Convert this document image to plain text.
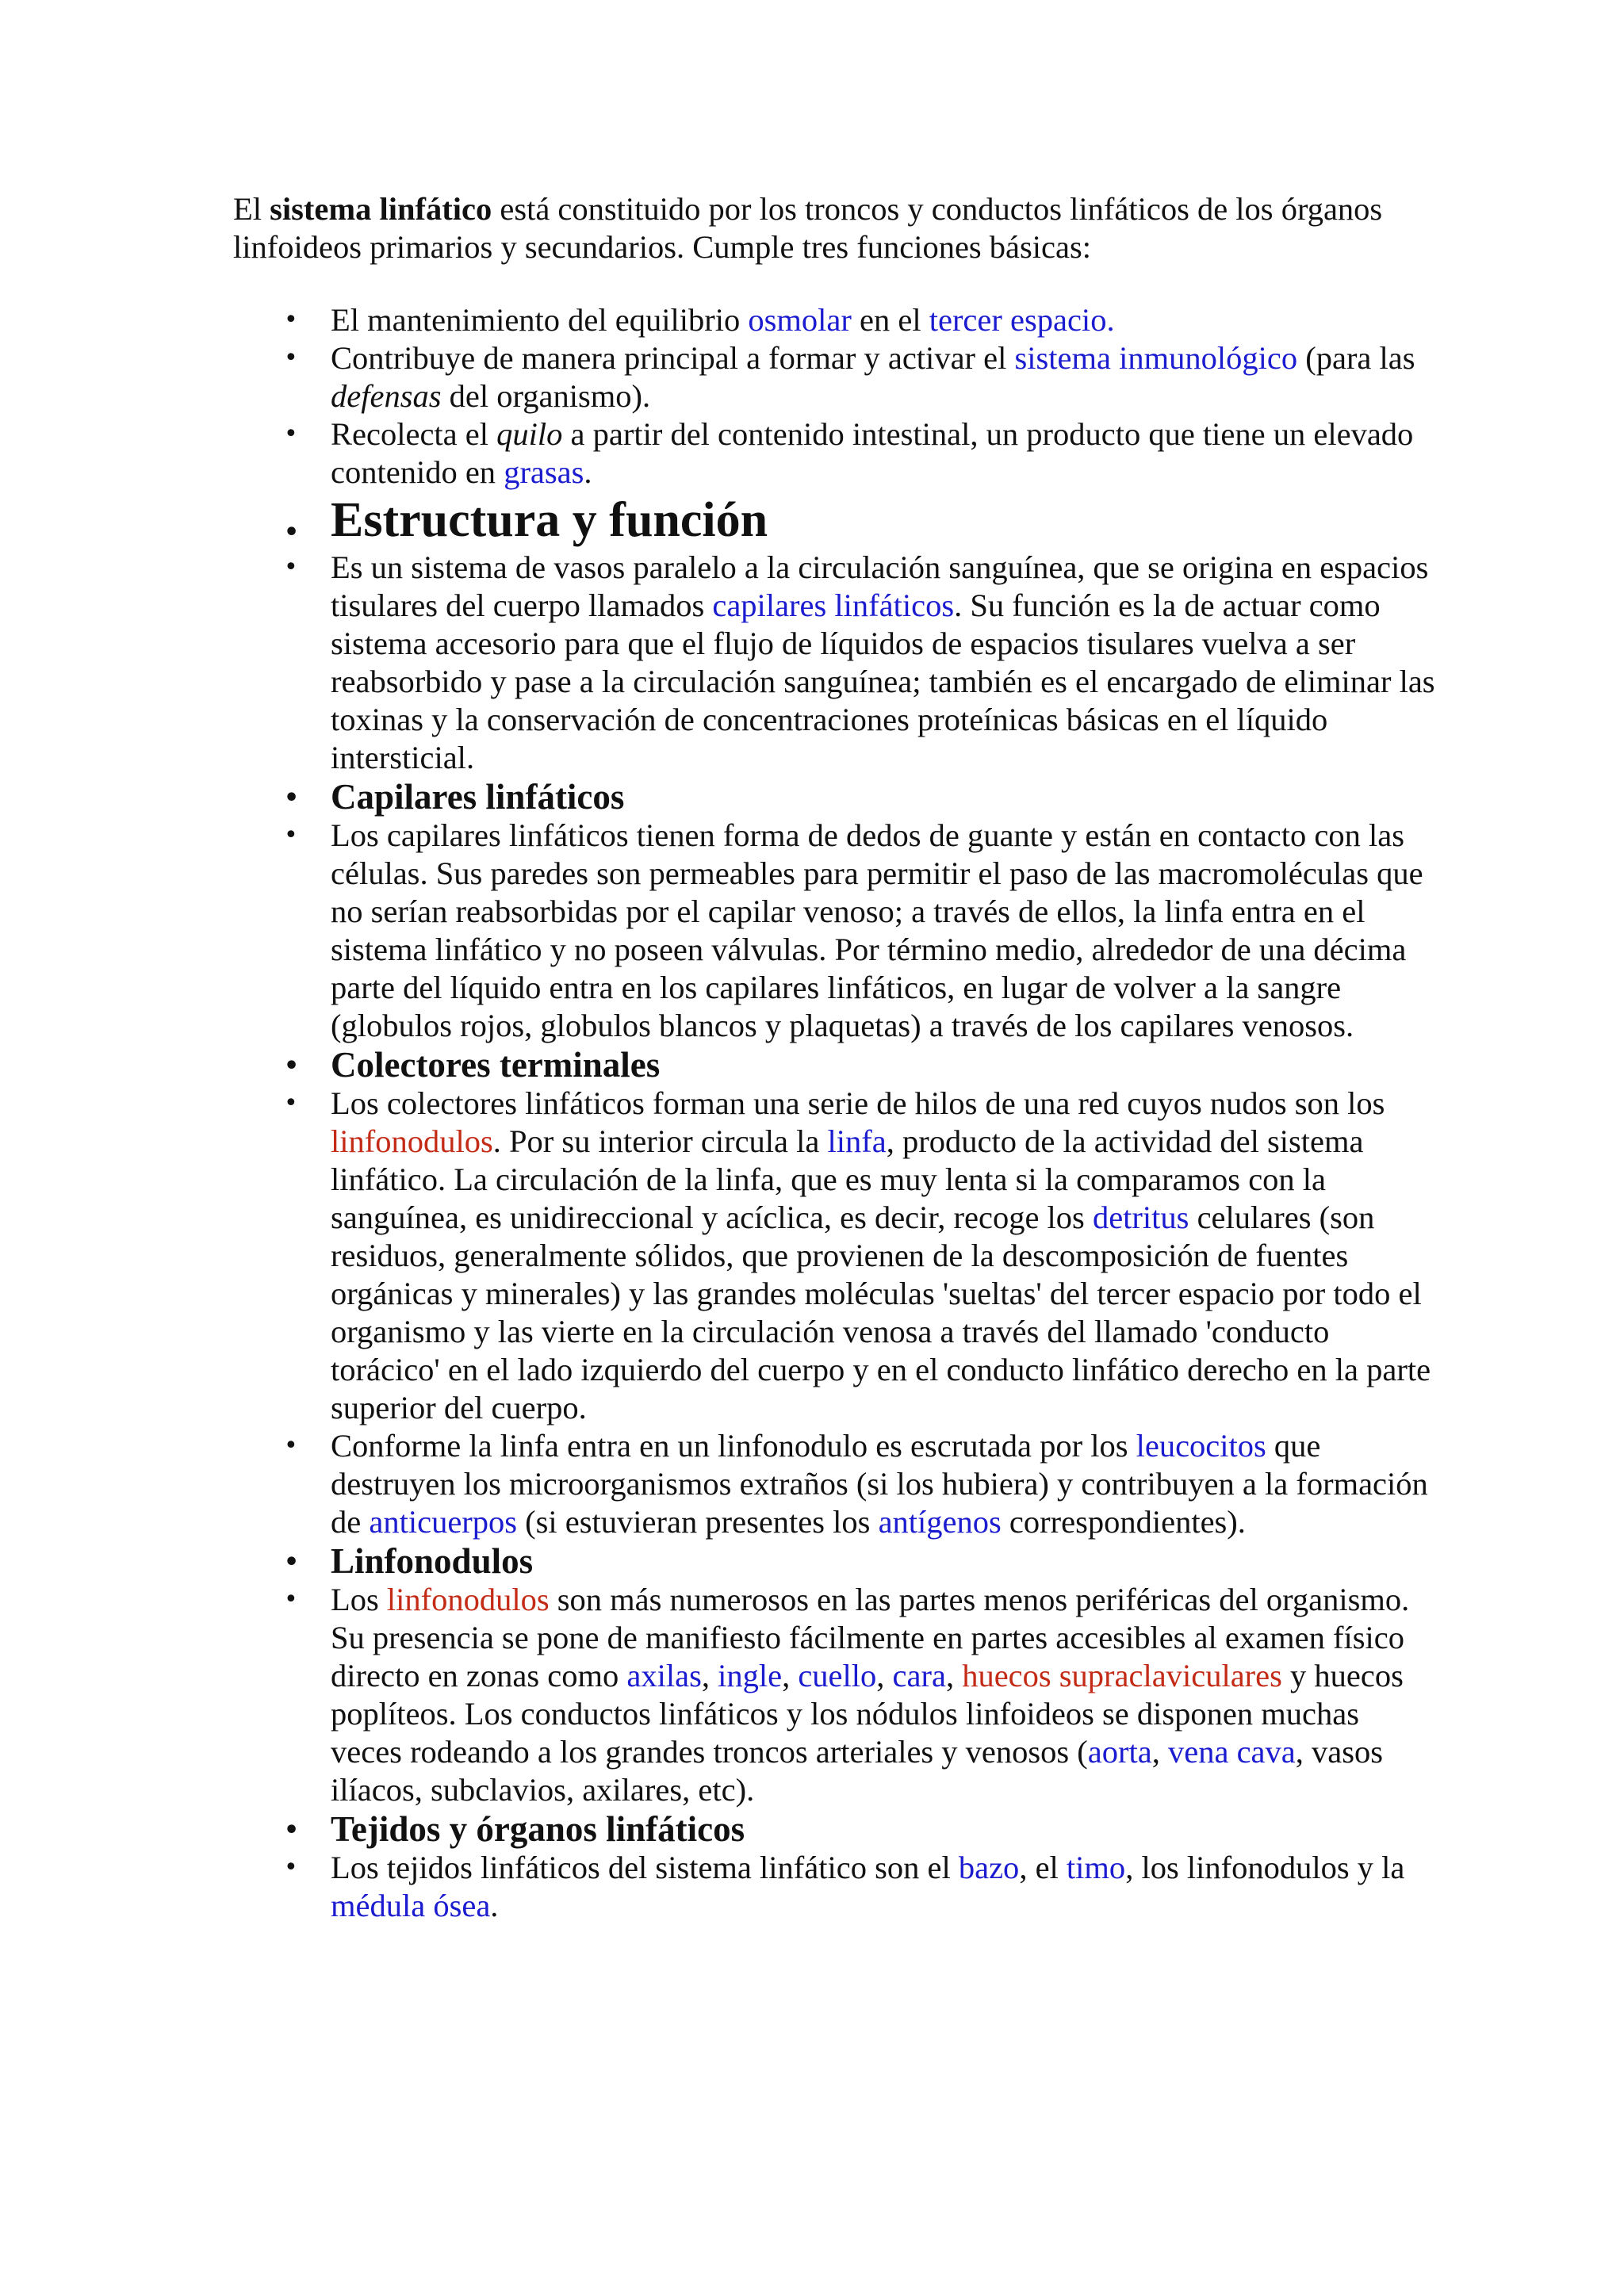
El sistema linfático está constituido por los troncos y conductos linfáticos de los órganos linfoideos primarios y secundarios. Cumple tres funciones básicas:

• El mantenimiento del equilibrio osmolar en el tercer espacio.
• Contribuye de manera principal a formar y activar el sistema inmunológico (para las defensas del organismo).
• Recolecta el quilo a partir del contenido intestinal, un producto que tiene un elevado contenido en grasas.
• Estructura y función
• Es un sistema de vasos paralelo a la circulación sanguínea, que se origina en espacios tisulares del cuerpo llamados capilares linfáticos. Su función es la de actuar como sistema accesorio para que el flujo de líquidos de espacios tisulares vuelva a ser reabsorbido y pase a la circulación sanguínea; también es el encargado de eliminar las toxinas y la conservación de concentraciones proteínicas básicas en el líquido intersticial.
• Capilares linfáticos
• Los capilares linfáticos tienen forma de dedos de guante y están en contacto con las células. Sus paredes son permeables para permitir el paso de las macromoléculas que no serían reabsorbidas por el capilar venoso; a través de ellos, la linfa entra en el sistema linfático y no poseen válvulas. Por término medio, alrededor de una décima parte del líquido entra en los capilares linfáticos, en lugar de volver a la sangre (globulos rojos, globulos blancos y plaquetas) a través de los capilares venosos.
• Colectores terminales
• Los colectores linfáticos forman una serie de hilos de una red cuyos nudos son los linfonodulos. Por su interior circula la linfa, producto de la actividad del sistema linfático. La circulación de la linfa, que es muy lenta si la comparamos con la sanguínea, es unidireccional y acíclica, es decir, recoge los detritus celulares (son residuos, generalmente sólidos, que provienen de la descomposición de fuentes orgánicas y minerales) y las grandes moléculas 'sueltas' del tercer espacio por todo el organismo y las vierte en la circulación venosa a través del llamado 'conducto torácico' en el lado izquierdo del cuerpo y en el conducto linfático derecho en la parte superior del cuerpo.
• Conforme la linfa entra en un linfonodulo es escrutada por los leucocitos que destruyen los microorganismos extraños (si los hubiera) y contribuyen a la formación de anticuerpos (si estuvieran presentes los antígenos correspondientes).
• Linfonodulos
• Los linfonodulos son más numerosos en las partes menos periféricas del organismo. Su presencia se pone de manifiesto fácilmente en partes accesibles al examen físico directo en zonas como axilas, ingle, cuello, cara, huecos supraclaviculares y huecos poplíteos. Los conductos linfáticos y los nódulos linfoideos se disponen muchas veces rodeando a los grandes troncos arteriales y venosos (aorta, vena cava, vasos ilíacos, subclavios, axilares, etc).
• Tejidos y órganos linfáticos
• Los tejidos linfáticos del sistema linfático son el bazo, el timo, los linfonodulos y la médula ósea.
